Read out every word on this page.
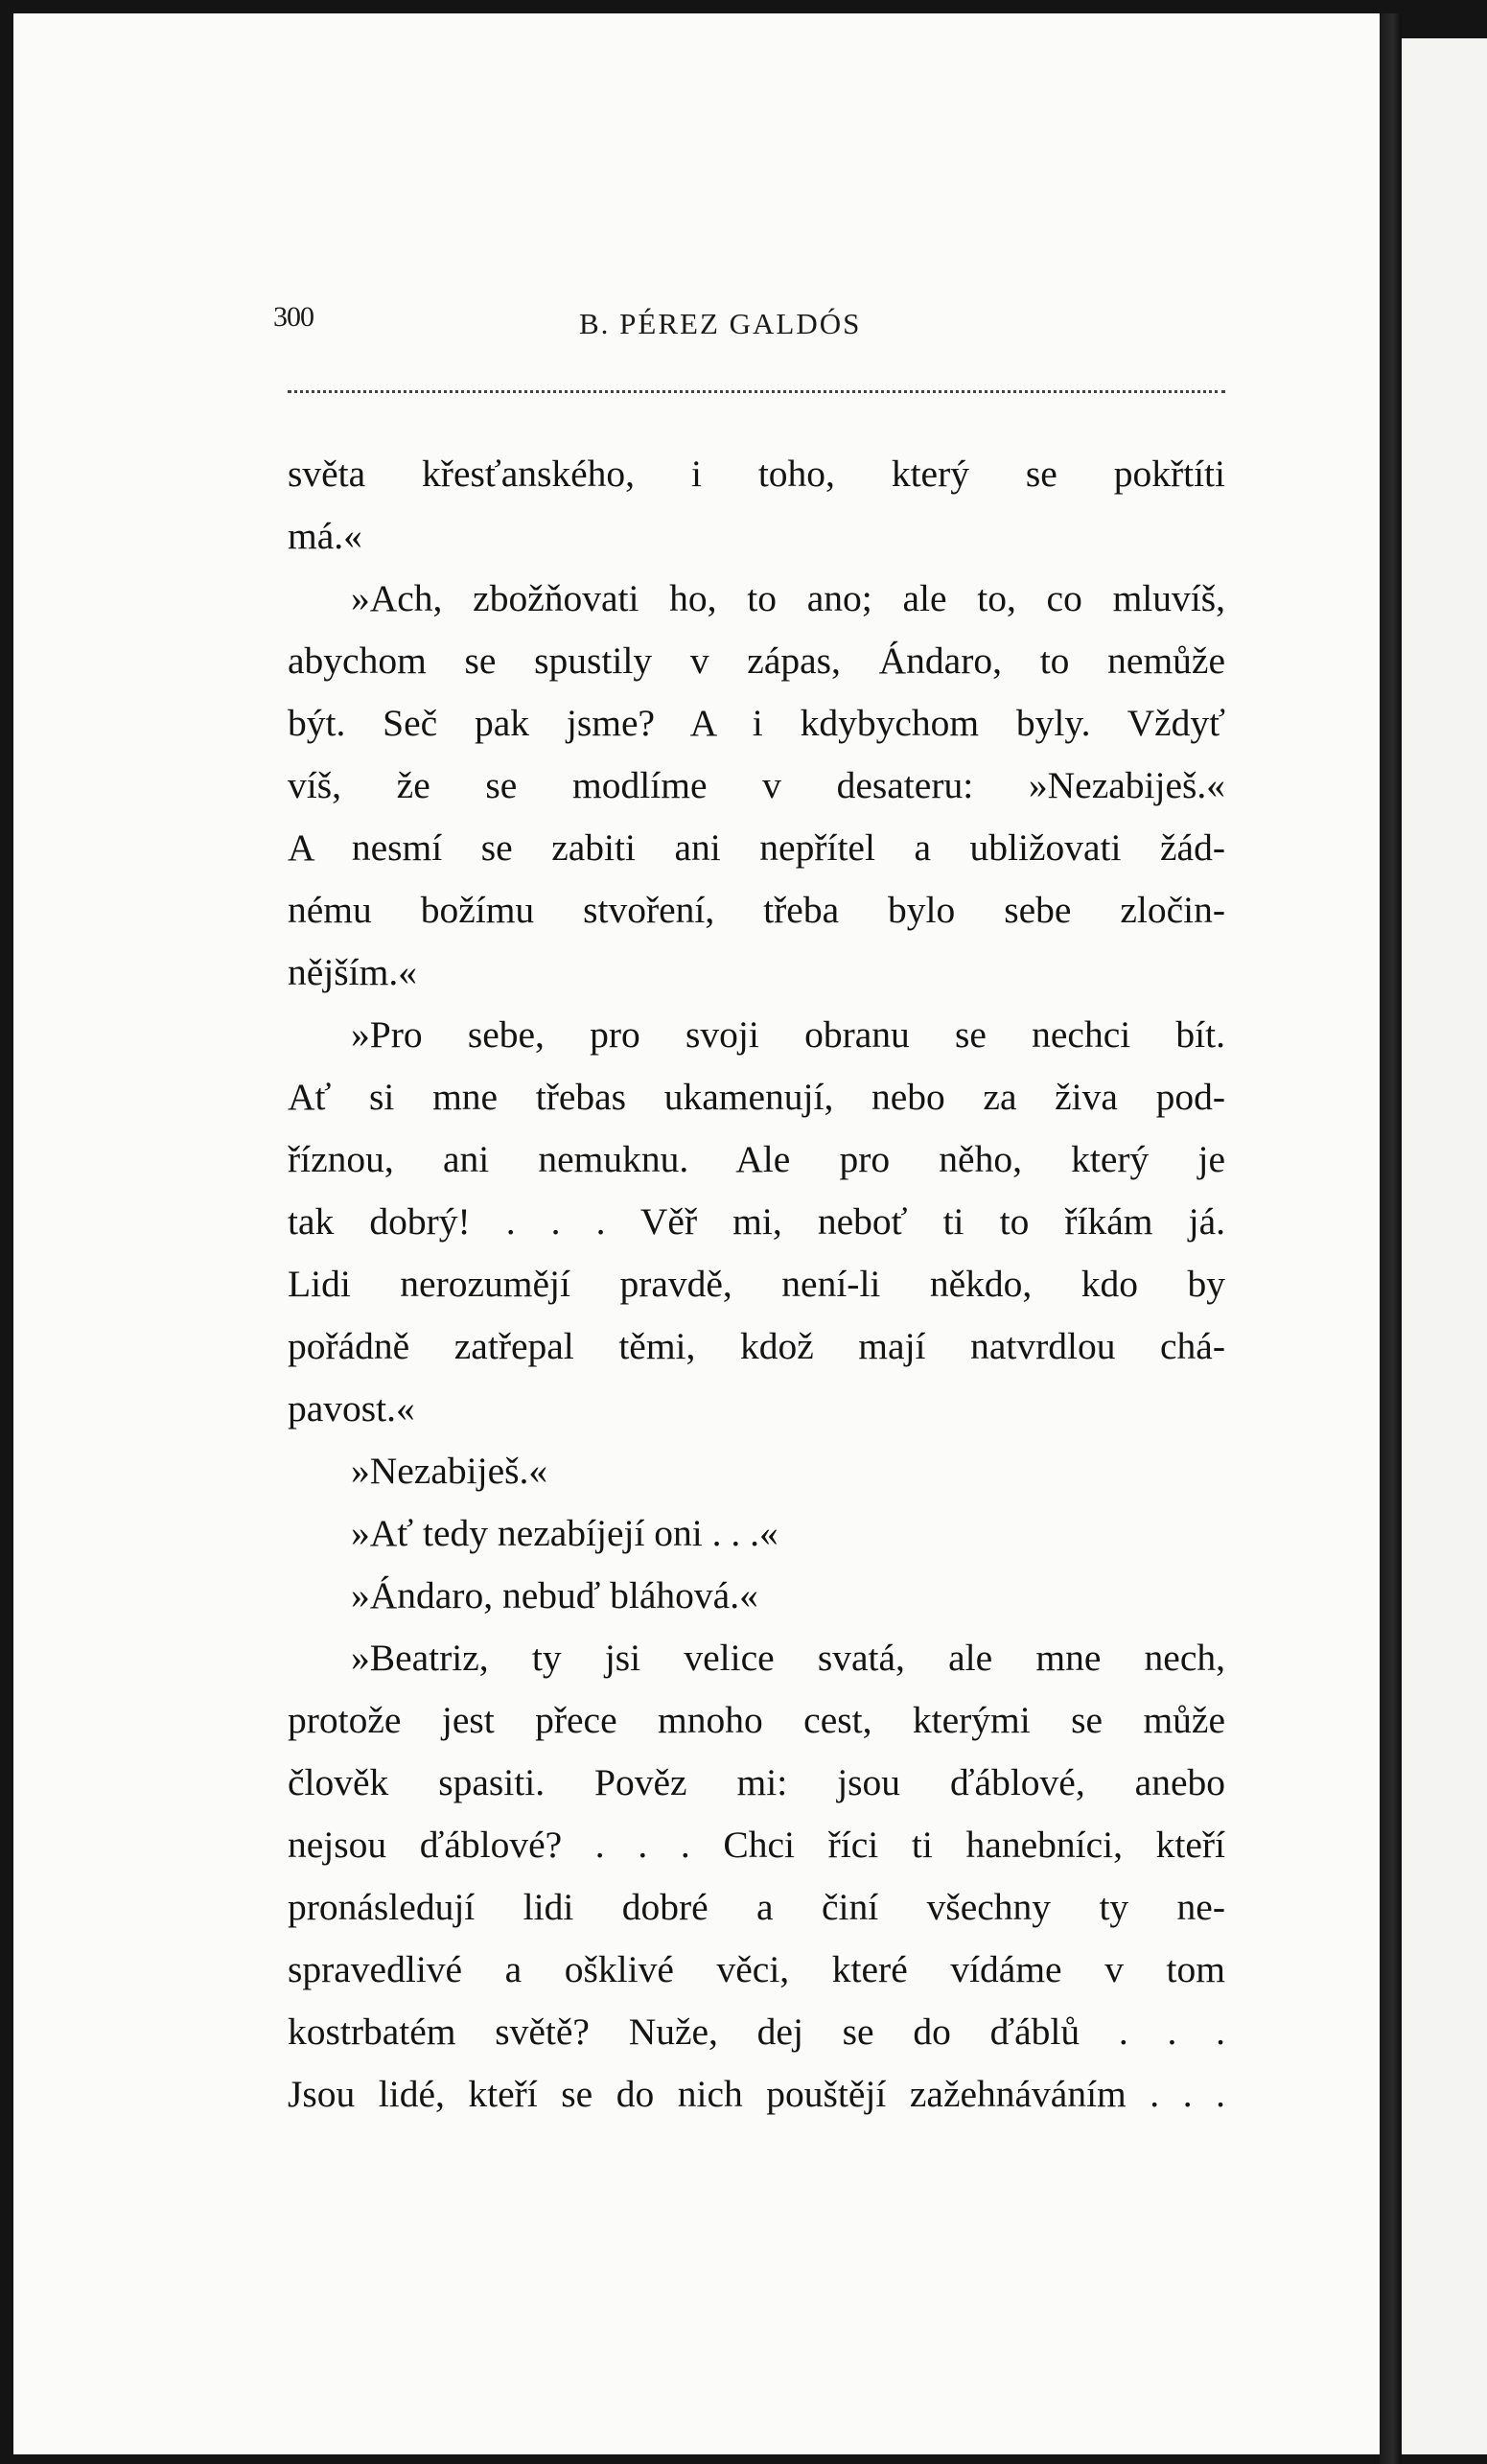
300	B. PÉREZ GALDÓS
světa křesťanského, i toho, který se pokřtíti
má.«
»Ach, zbožňovati ho, to ano; ale to, co mluvíš,
abychom se spustily v zápas, Ándaro, to nemůže
být. Seč pak jsme? A i kdybychom byly. Vždyť
víš, že se modlíme v desateru: »Nezabiješ.«
A nesmí se zabiti ani nepřítel a ubližovati žád-
nému božímu stvoření, třeba bylo sebe zločin-
nějším.«
»Pro sebe, pro svoji obranu se nechci bít.
Ať si mne třebas ukamenují, nebo za živa pod-
říznou, ani nemuknu. Ale pro něho, který je
tak dobrý! . . . Věř mi, neboť ti to říkám já.
Lidi nerozumějí pravdě, není-li někdo, kdo by
pořádně zatřepal těmi, kdož mají natvrdlou chá-
pavost.«
»Nezabiješ.«
»Ať tedy nezabíjejí oni . . .«
»Ándaro, nebuď bláhová.«
»Beatriz, ty jsi velice svatá, ale mne nech,
protože jest přece mnoho cest, kterými se může
člověk spasiti. Pověz mi: jsou ďáblové, anebo
nejsou ďáblové? . . . Chci říci ti hanebníci, kteří
pronásledují lidi dobré a činí všechny ty ne-
spravedlivé a ošklivé věci, které vídáme v tom
kostrbatém světě? Nuže, dej se do ďáblů . . .
Jsou lidé, kteří se do nich pouštějí zažehnáváním . . .
